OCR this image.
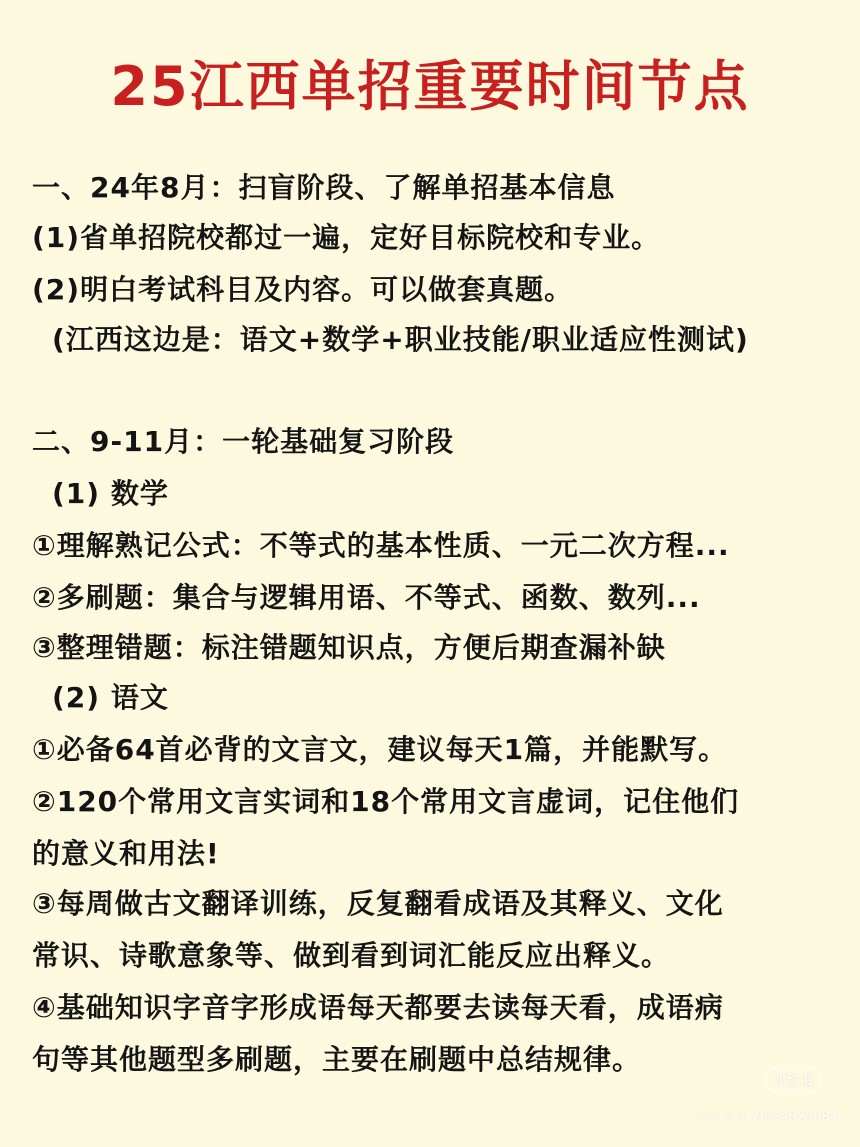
25江西单招重要时间节点
一、24年8月：扫盲阶段、了解单招基本信息
(1)省单招院校都过一遍，定好目标院校和专业。
(2)明白考试科目及内容。可以做套真题。
(江西这边是：语文+数学+职业技能/职业适应性测试)
二、9-11月：一轮基础复习阶段
(1) 数学
①理解熟记公式：不等式的基本性质、一元二次方程...
②多刷题：集合与逻辑用语、不等式、函数、数列...
③整理错题：标注错题知识点，方便后期查漏补缺
(2) 语文
①必备64首必背的文言文，建议每天1篇，并能默写。
②120个常用文言实词和18个常用文言虚词，记住他们
的意义和用法!
③每周做古文翻译训练，反复翻看成语及其释义、文化
常识、诗歌意象等、做到看到词汇能反应出释义。
④基础知识字音字形成语每天都要去读每天看，成语病
句等其他题型多刷题，主要在刷题中总结规律。
小红书
小红书号: 9524825684
